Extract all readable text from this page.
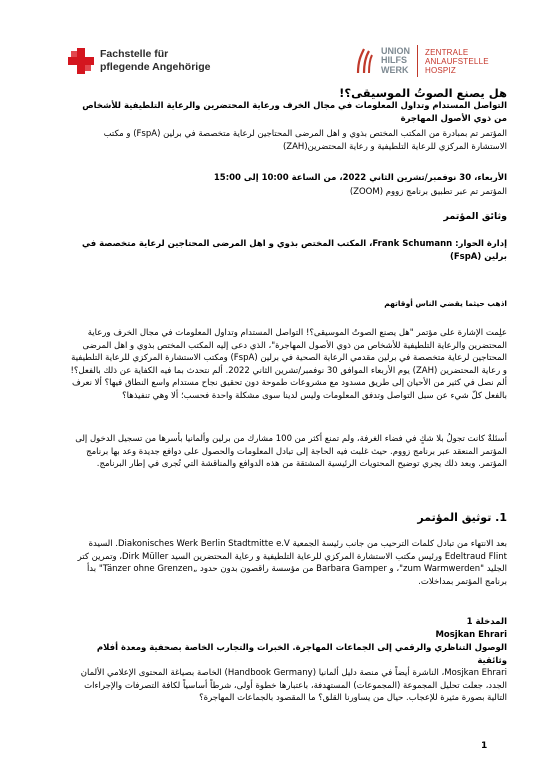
Fachstelle für
pflegende Angehörige
UNION
HILFS
WERK
ZENTRALE
ANLAUFSTELLE
HOSPIZ
هل يصنع الصوتُ الموسيقى؟!
التواصل المستدام وتداول المعلومات في مجال الخرف ورعاية المحتضرين والرعاية التلطيفية للأشخاص من ذوي الأصول المهاجرة
المؤتمر تم بمبادرة من المكتب المختص بذوي و اهل المرضى المحتاجين لرعاية متخصصة في برلين (FspA) و مكتب الاستشارة المركزي للرعاية التلطيفية و رعاية المحتضرين(ZAH)
الأربعاء، 30 نوفمبر/تشرين الثاني 2022، من الساعة 10:00 إلى 15:00
المؤتمر تم عبر تطبيق برنامج زووم (ZOOM)
وثائق المؤتمر
إدارة الحوار: Frank Schumann، المكتب المختص بذوي و اهل المرضى المحتاجين لرعاية متخصصة في برلين (FspA)
اذهب حيثما يقضي الناس أوقاتهم
علِمت الإشارة على مؤتمر "هل يصنع الصوتُ الموسيقى؟! التواصل المستدام وتداول المعلومات في مجال الخرف ورعاية المحتضرين والرعاية التلطيفية للأشخاص من ذوي الأصول المهاجرة"، الذي دعى إليه المكتب المختص بذوي و اهل المرضى المحتاجين لرعاية متخصصة في برلين مقدمي الرعاية الصحية في برلين (FspA) ومكتب الاستشارة المركزي للرعاية التلطيفية و رعاية المحتضرين (ZAH) يوم الأربعاء الموافق 30 نوفمبر/تشرين الثاني 2022. ألم نتحدث بما فيه الكفاية عن ذلك بالفعل؟! ألم نصل في كثير من الأحيان إلى طريق مسدود مع مشروعات طموحة دون تحقيق نجاح مستدام واسع النطاق فيها؟ ألا نعرف بالفعل كلّ شيء عن سبل التواصل وتدفق المعلومات وليس لدينا سوى مشكلة واحدة فحسب؛ ألا وهي تنفيذها؟
أسئلةٌ كانت تجولُ بلا شكٍ في فضاء الغرفة، ولم تمنع أكثر من 100 مشارك من برلين وألمانيا بأسرها من تسجيل الدخول إلى المؤتمر المنعقد عبر برنامج زووم. حيث غلبت فيه الحاجة إلى تبادل المعلومات والحصول على دوافع جديدة وعد بها برنامج المؤتمر. وبعد ذلك يجري توضيح المحتويات الرئيسية المشتقة من هذه الدوافع والمناقشة التي تُجرى في إطار البرنامج.
1. توثيق المؤتمر
بعد الانتهاء من تبادل كلمات الترحيب من جانب رئيسة الجمعية Diakonisches Werk Berlin Stadtmitte e.V. السيدة Edeltraud Flint ورئيس مكتب الاستشارة المركزي للرعاية التلطيفية و رعاية المحتضرين السيد Dirk Müller، وتمرين كتر الجليد "zum Warmwerden"، و Barbara Gamper من مؤسسة راقصون بدون حدود „Tänzer ohne Grenzen" بدأ برنامج المؤتمر بمداخلات.
المدخلة 1
Mosjkan Ehrari
الوصول التناظري والرقمي إلى الجماعات المهاجرة. الخبرات والتجارب الخاصة بصحفية ومعدة أفلام وثائقية
Mosjkan Ehrari، الناشرة أيضاً في منصة دليل ألمانيا (Handbook Germany) الخاصة بصياغة المحتوى الإعلامي الألمان الجدد، جعلت تحليل المجموعة (المجموعات) المستهدفة، باعتبارها خطوة أولى، شرطاً أساسياً لكافة التصرفات والإجراءات التالية بصورة مثيرة للإعجاب. حيال من يساورنا القلق؟ ما المقصود بالجماعات المهاجرة؟
1
